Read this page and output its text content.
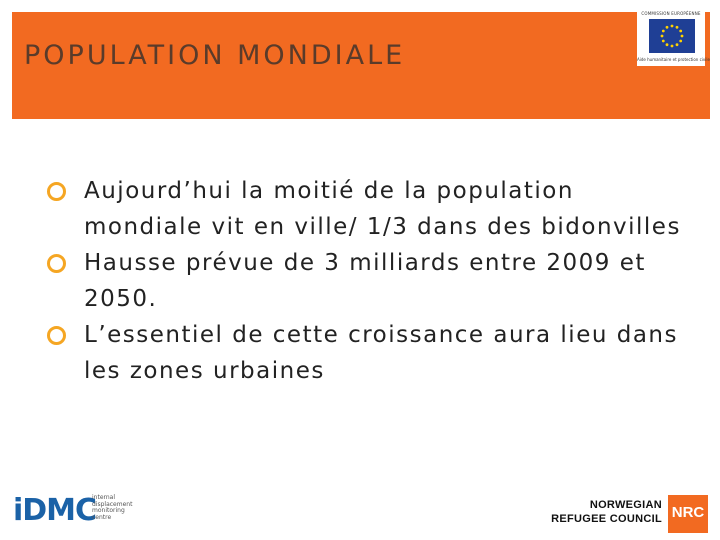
POPULATION MONDIALE
COMMISSION EUROPÉENNE
Aide humanitaire et protection civile
Aujourd’hui la moitié de la population mondiale vit en ville/ 1/3 dans des bidonvilles
Hausse prévue de 3 milliards entre 2009 et 2050.
L’essentiel de cette croissance aura lieu dans les zones urbaines
iDMC
internal
displacement
monitoring
centre
NORWEGIAN
REFUGEE COUNCIL NRC
